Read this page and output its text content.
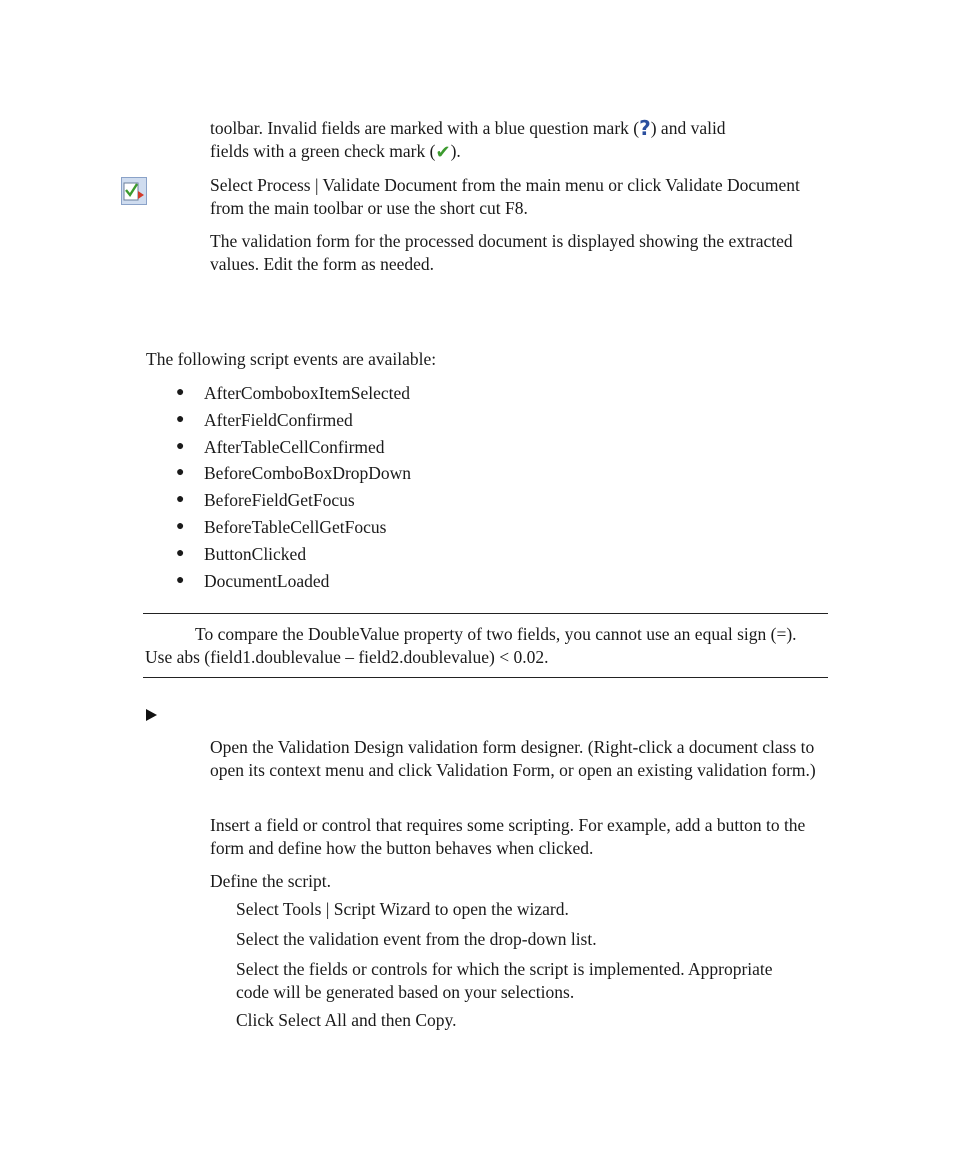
toolbar. Invalid fields are marked with a blue question mark (?) and valid
fields with a green check mark (✔).
Select Process | Validate Document from the main menu or click Validate Document from the main toolbar or use the short cut F8.
The validation form for the processed document is displayed showing the extracted values. Edit the form as needed.
The following script events are available:
● AfterComboboxItemSelected
● AfterFieldConfirmed
● AfterTableCellConfirmed
● BeforeComboBoxDropDown
● BeforeFieldGetFocus
● BeforeTableCellGetFocus
● ButtonClicked
● DocumentLoaded
To compare the DoubleValue property of two fields, you cannot use an equal sign (=). Use abs (field1.doublevalue – field2.doublevalue) < 0.02.
Open the Validation Design validation form designer. (Right-click a document class to open its context menu and click Validation Form, or open an existing validation form.)
Insert a field or control that requires some scripting. For example, add a button to the form and define how the button behaves when clicked.
Define the script.
Select Tools | Script Wizard to open the wizard.
Select the validation event from the drop-down list.
Select the fields or controls for which the script is implemented. Appropriate code will be generated based on your selections.
Click Select All and then Copy.
